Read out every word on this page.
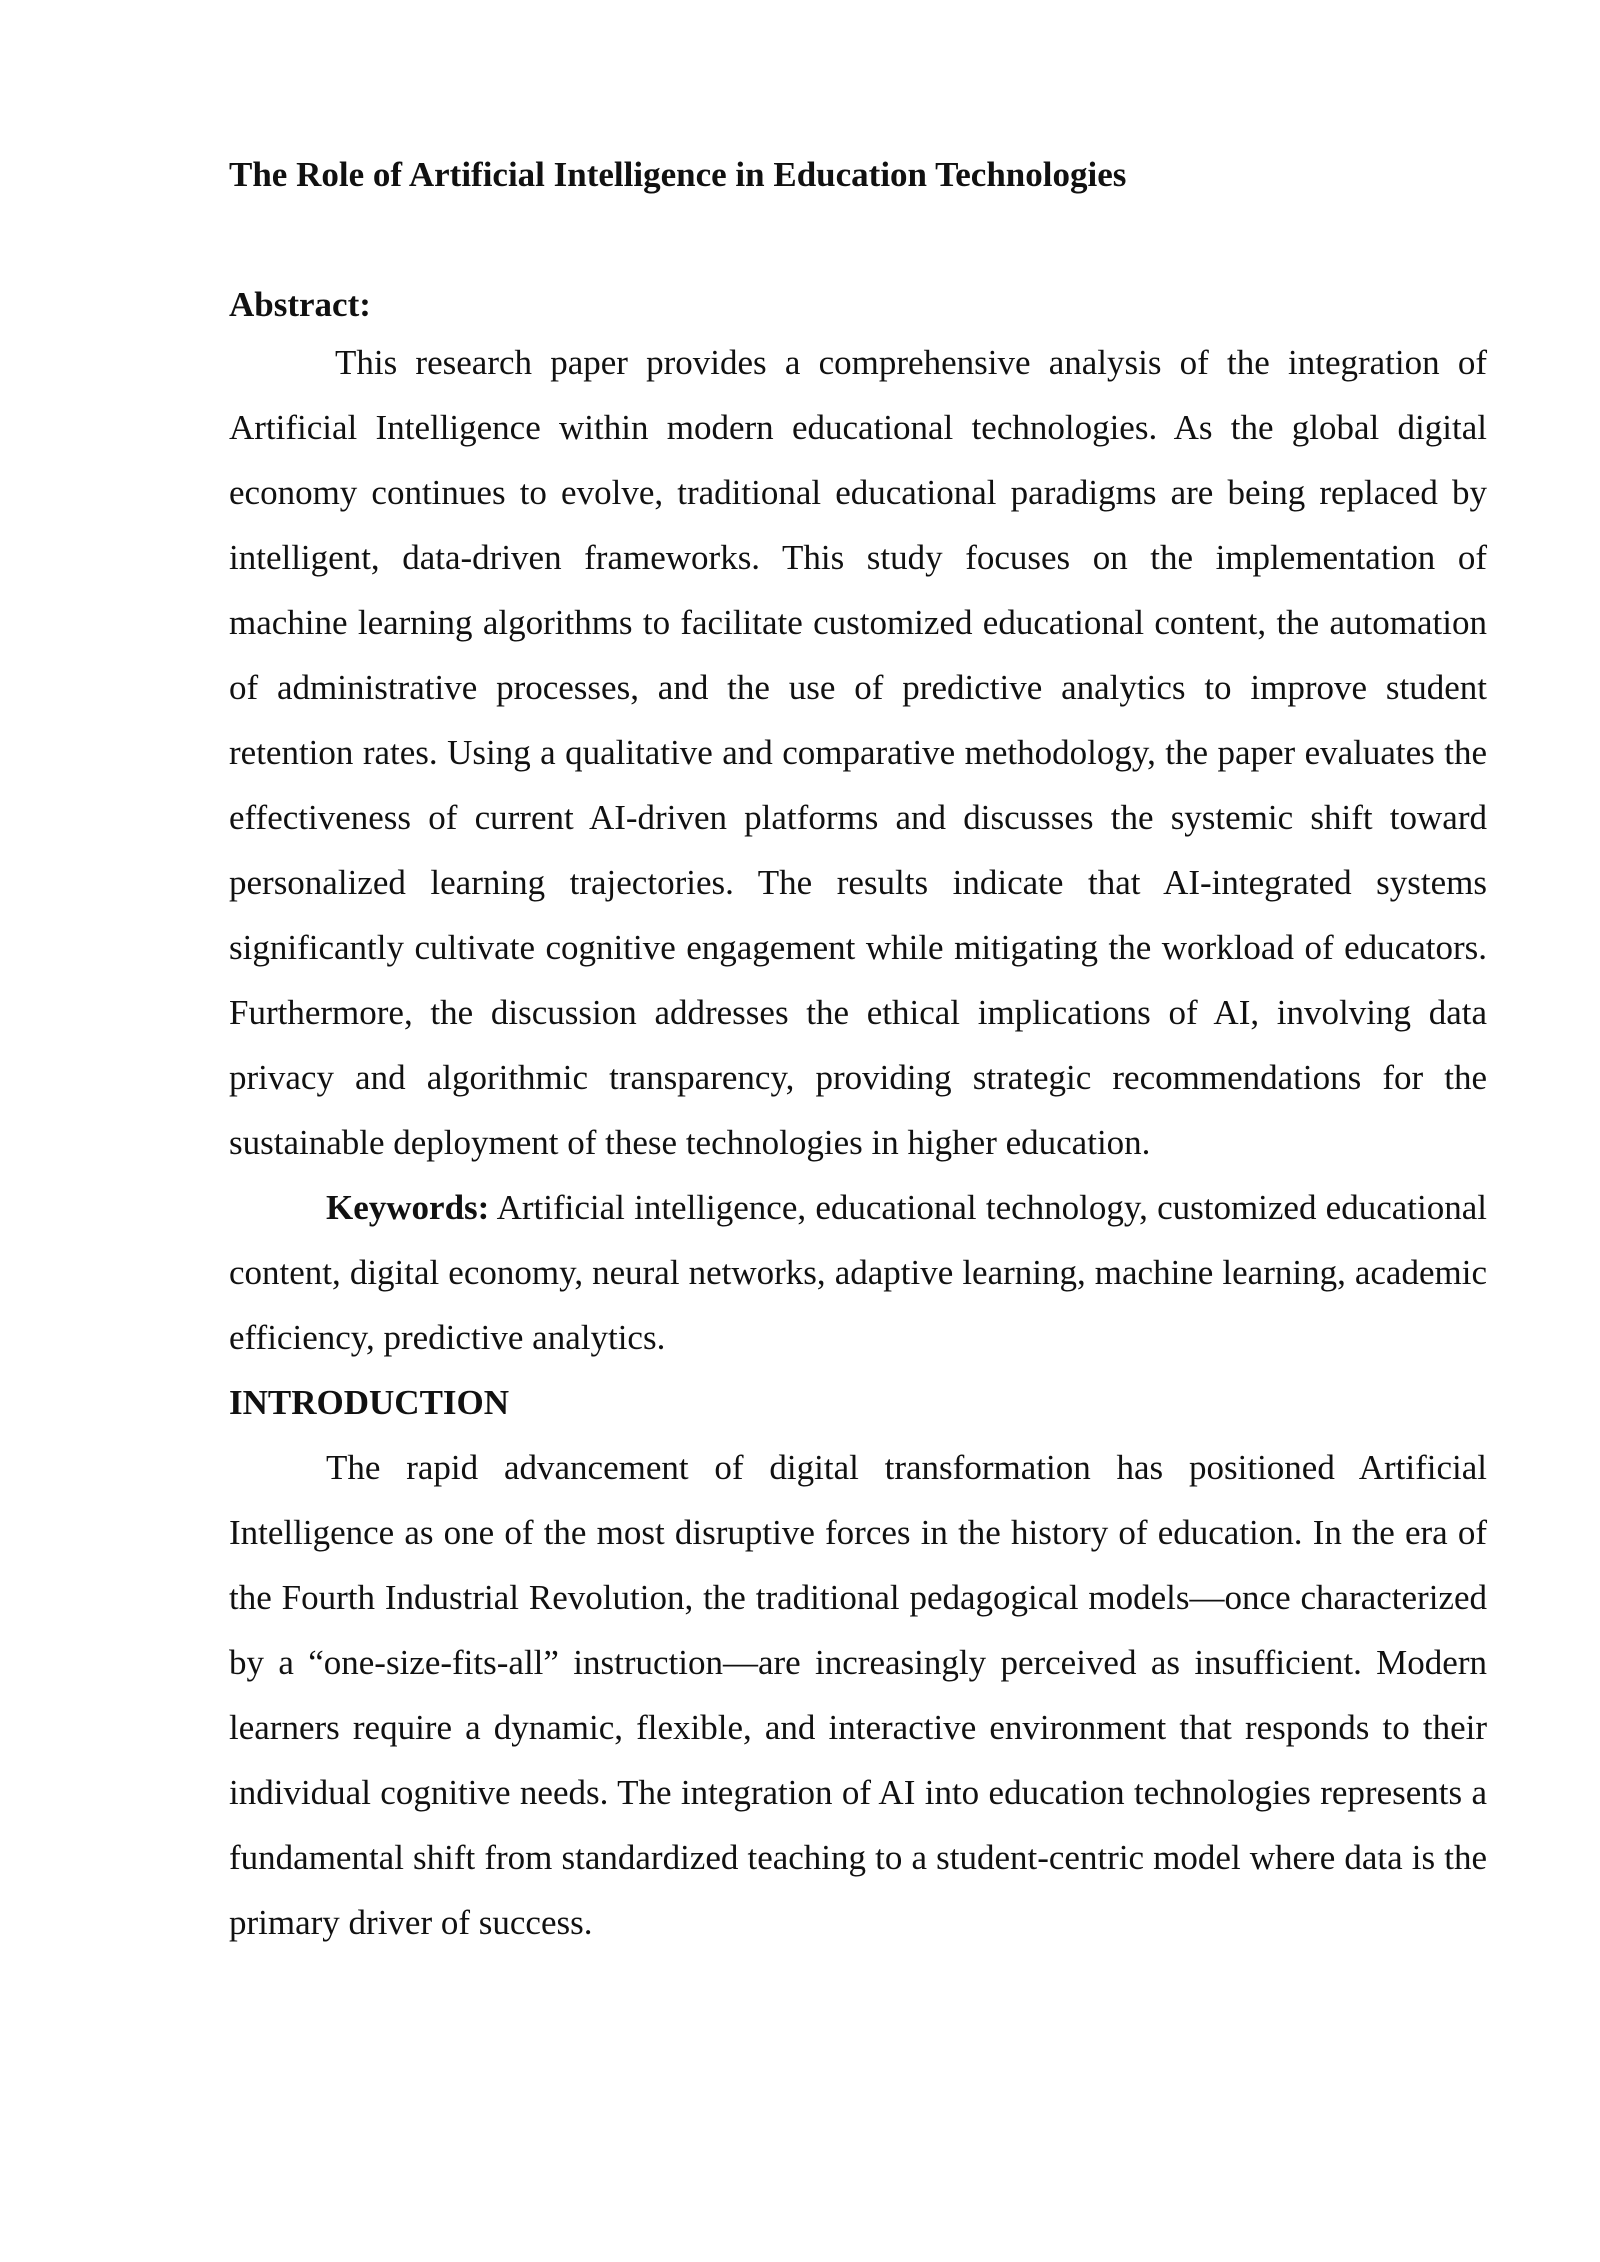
The Role of Artificial Intelligence in Education Technologies
Abstract:

This research paper provides a comprehensive analysis of the integration of Artificial Intelligence within modern educational technologies. As the global digital economy continues to evolve, traditional educational paradigms are being replaced by intelligent, data-driven frameworks. This study focuses on the implementation of machine learning algorithms to facilitate customized educational content, the automation of administrative processes, and the use of predictive analytics to improve student retention rates. Using a qualitative and comparative methodology, the paper evaluates the effectiveness of current AI-driven platforms and discusses the systemic shift toward personalized learning trajectories. The results indicate that AI-integrated systems significantly cultivate cognitive engagement while mitigating the workload of educators. Furthermore, the discussion addresses the ethical implications of AI, involving data privacy and algorithmic transparency, providing strategic recommendations for the sustainable deployment of these technologies in higher education.

Keywords: Artificial intelligence, educational technology, customized educational content, digital economy, neural networks, adaptive learning, machine learning, academic efficiency, predictive analytics.

INTRODUCTION

The rapid advancement of digital transformation has positioned Artificial Intelligence as one of the most disruptive forces in the history of education. In the era of the Fourth Industrial Revolution, the traditional pedagogical models—once characterized by a “one-size-fits-all” instruction—are increasingly perceived as insufficient. Modern learners require a dynamic, flexible, and interactive environment that responds to their individual cognitive needs. The integration of AI into education technologies represents a fundamental shift from standardized teaching to a student-centric model where data is the primary driver of success.
